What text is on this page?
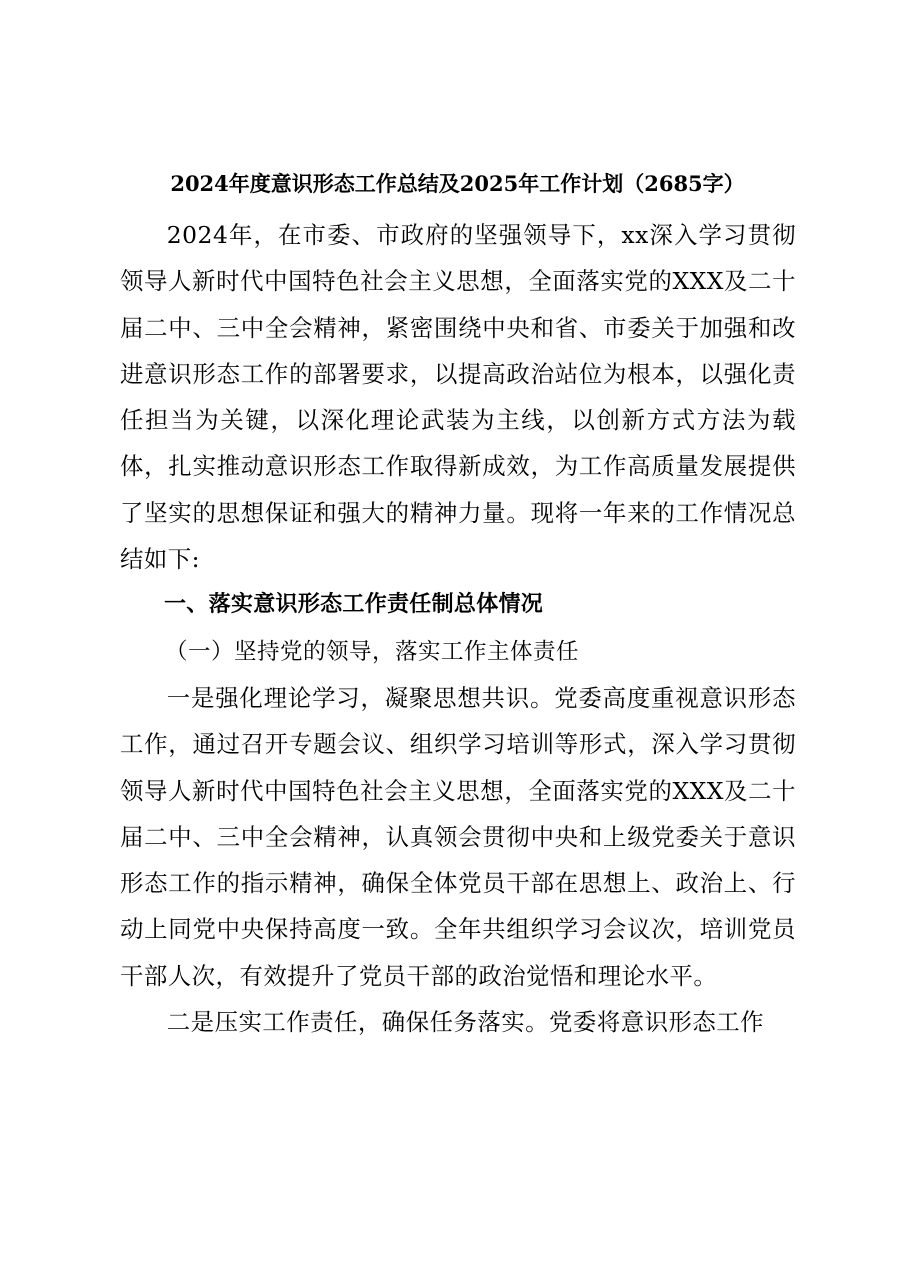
2024年度意识形态工作总结及2025年工作计划（2685字）

2024年，在市委、市政府的坚强领导下，xx深入学习贯彻领导人新时代中国特色社会主义思想，全面落实党的XXX及二十届二中、三中全会精神，紧密围绕中央和省、市委关于加强和改进意识形态工作的部署要求，以提高政治站位为根本，以强化责任担当为关键，以深化理论武装为主线，以创新方式方法为载体，扎实推动意识形态工作取得新成效，为工作高质量发展提供了坚实的思想保证和强大的精神力量。现将一年来的工作情况总结如下:

一、落实意识形态工作责任制总体情况

（一）坚持党的领导，落实工作主体责任

一是强化理论学习，凝聚思想共识。党委高度重视意识形态工作，通过召开专题会议、组织学习培训等形式，深入学习贯彻领导人新时代中国特色社会主义思想，全面落实党的XXX及二十届二中、三中全会精神，认真领会贯彻中央和上级党委关于意识形态工作的指示精神，确保全体党员干部在思想上、政治上、行动上同党中央保持高度一致。全年共组织学习会议次，培训党员干部人次，有效提升了党员干部的政治觉悟和理论水平。

二是压实工作责任，确保任务落实。党委将意识形态工作
